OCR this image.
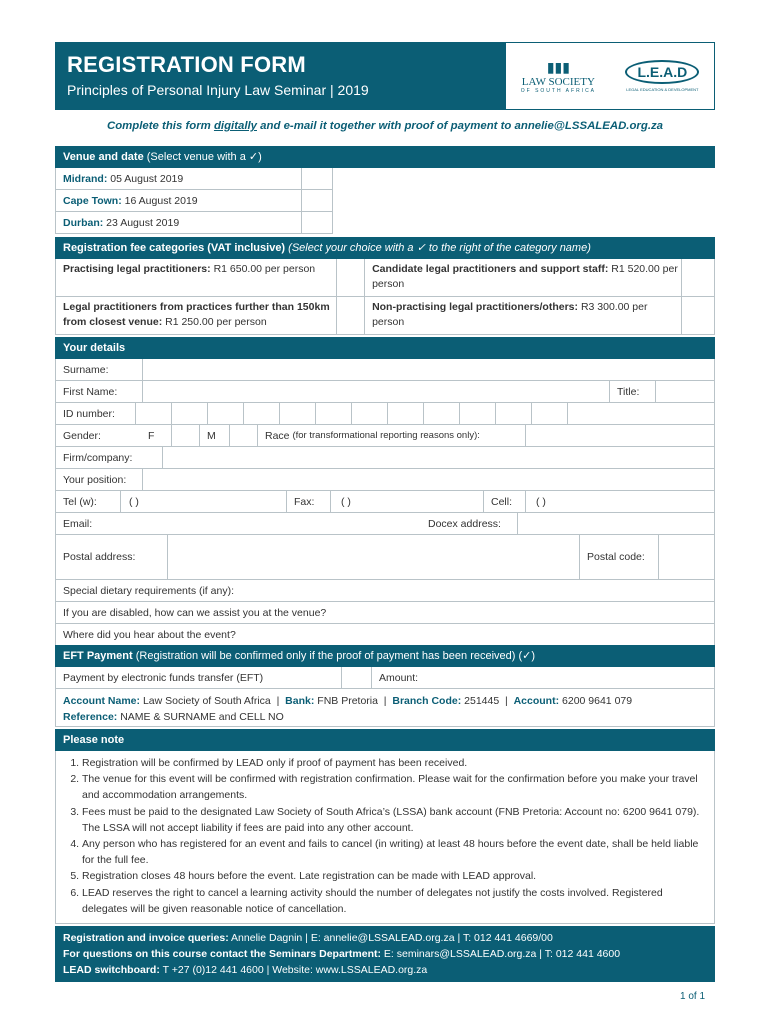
REGISTRATION FORM
Principles of Personal Injury Law Seminar | 2019
▮▮▮
LAW SOCIETY
OF SOUTH AFRICA
L.E.A.D
LEGAL EDUCATION & DEVELOPMENT
Complete this form digitally and e-mail it together with proof of payment to annelie@LSSALEAD.org.za
Venue and date (Select venue with a ✓)
Midrand:
05 August 2019
Cape Town:
16 August 2019
Durban:
23 August 2019
Registration fee categories (VAT inclusive) (Select your choice with a ✓ to the right of the category name)
Practising legal practitioners: R1 650.00 per person	Candidate legal practitioners and support staff: R1 520.00 per person
Legal practitioners from practices further than 150km from closest venue: R1 250.00 per person
Non-practising legal practitioners/others: R3 300.00 per person
Your details
Surname:
First Name:	Title:
ID number:
Gender:	F	M	Race
(for transformational reporting reasons only):
Firm/company:
Your position:
Tel (w):	( )	Fax:	( )	Cell:	( )
Email:	Docex address:
Postal address:	Postal code:
Special dietary requirements (if any):
If you are disabled, how can we assist you at the venue?
Where did you hear about the event?
EFT Payment (Registration will be confirmed only if the proof of payment has been received) (✓)
Payment by electronic funds transfer (EFT)	Amount:
Account Name: Law Society of South Africa  |  Bank: FNB Pretoria  |  Branch Code: 251445  |  Account: 6200 9641 079
Reference: NAME & SURNAME and CELL NO
Please note
1. Registration will be confirmed by LEAD only if proof of payment has been received.
2. The venue for this event will be confirmed with registration confirmation. Please wait for the confirmation before you make your travel and accommodation arrangements.
3. Fees must be paid to the designated Law Society of South Africa’s (LSSA) bank account (FNB Pretoria: Account no: 6200 9641 079). The LSSA will not accept liability if fees are paid into any other account.
4. Any person who has registered for an event and fails to cancel (in writing) at least 48 hours before the event date, shall be held liable for the full fee.
5. Registration closes 48 hours before the event. Late registration can be made with LEAD approval.
6. LEAD reserves the right to cancel a learning activity should the number of delegates not justify the costs involved. Registered delegates will be given reasonable notice of cancellation.
Registration and invoice queries: Annelie Dagnin | E: annelie@LSSALEAD.org.za | T: 012 441 4669/00
For questions on this course contact the Seminars Department: E: seminars@LSSALEAD.org.za | T: 012 441 4600
LEAD switchboard: T +27 (0)12 441 4600 | Website: www.LSSALEAD.org.za
1 of 1
